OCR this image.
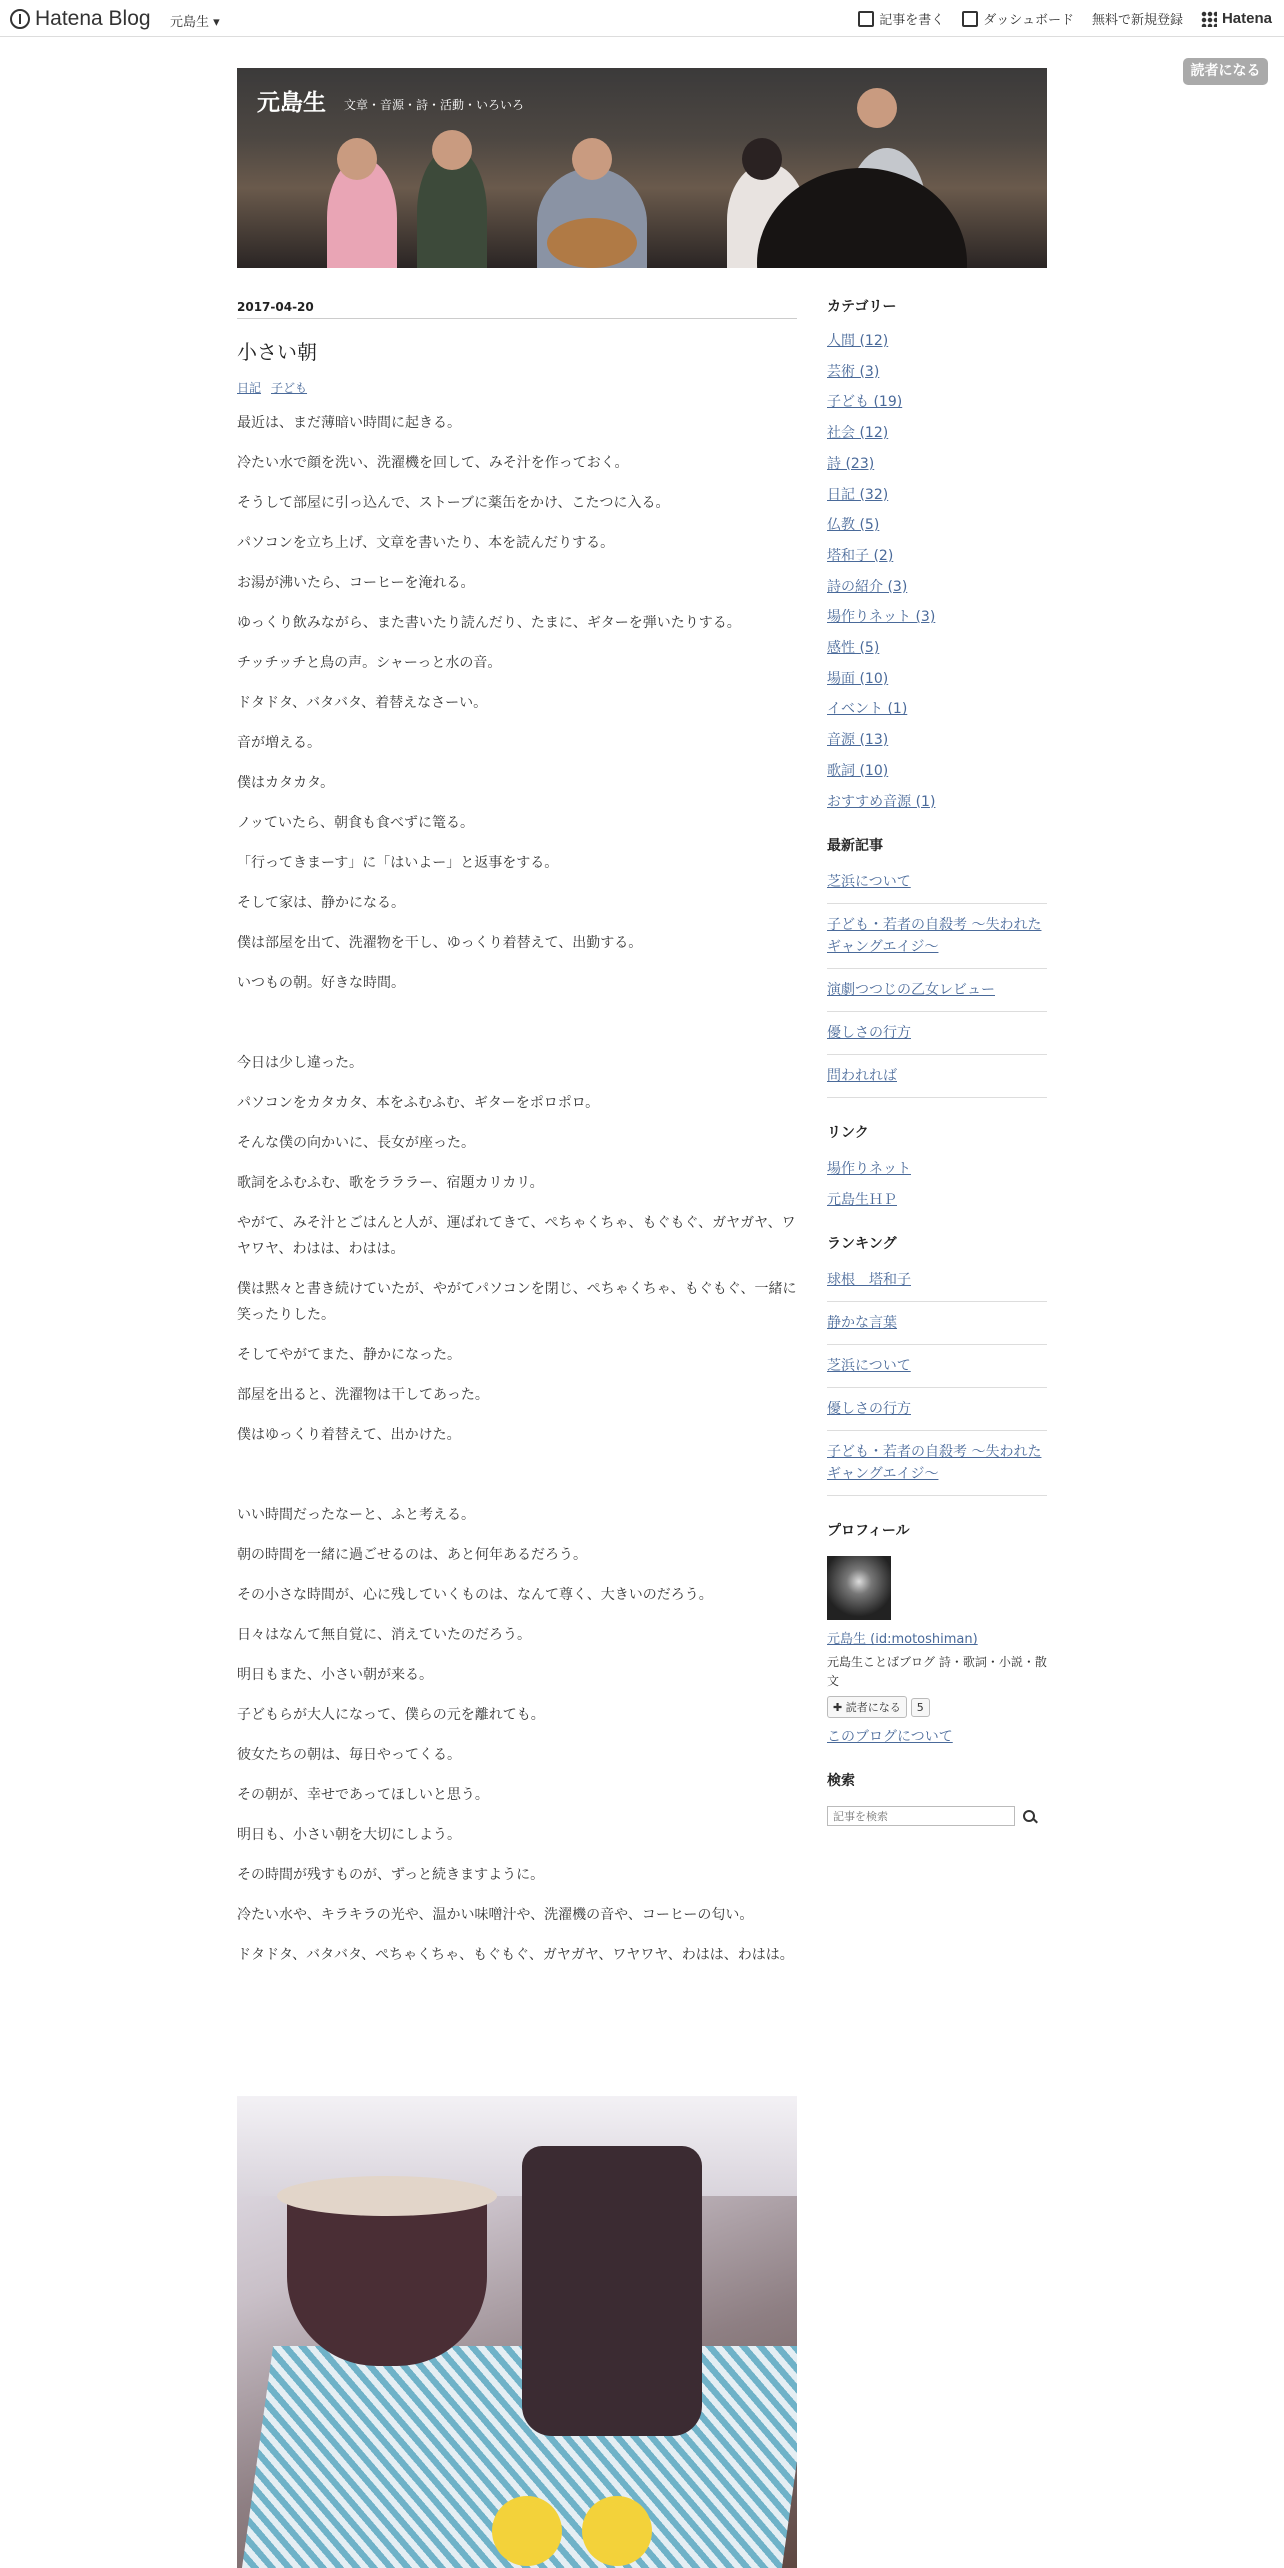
Hatena Blog 元島生 ▾	記事を書く	ダッシュボード 無料で新規登録	Hatena
読者になる
元島生 文章・音源・詩・活動・いろいろ
2017-04-20
小さい朝
日記 子ども

最近は、まだ薄暗い時間に起きる。

冷たい水で顔を洗い、洗濯機を回して、みそ汁を作っておく。

そうして部屋に引っ込んで、ストーブに薬缶をかけ、こたつに入る。

パソコンを立ち上げ、文章を書いたり、本を読んだりする。

お湯が沸いたら、コーヒーを淹れる。

ゆっくり飲みながら、また書いたり読んだり、たまに、ギターを弾いたりする。

チッチッチと鳥の声。シャーっと水の音。

ドタドタ、バタバタ、着替えなさーい。

音が増える。

僕はカタカタ。

ノッていたら、朝食も食べずに篭る。

「行ってきまーす」に「はいよー」と返事をする。

そして家は、静かになる。

僕は部屋を出て、洗濯物を干し、ゆっくり着替えて、出勤する。

いつもの朝。好きな時間。

今日は少し違った。

パソコンをカタカタ、本をふむふむ、ギターをポロポロ。

そんな僕の向かいに、長女が座った。

歌詞をふむふむ、歌をラララー、宿題カリカリ。

やがて、みそ汁とごはんと人が、運ばれてきて、ぺちゃくちゃ、もぐもぐ、ガヤガヤ、ワヤワヤ、わはは、わはは。

僕は黙々と書き続けていたが、やがてパソコンを閉じ、ぺちゃくちゃ、もぐもぐ、一緒に笑ったりした。

そしてやがてまた、静かになった。

部屋を出ると、洗濯物は干してあった。

僕はゆっくり着替えて、出かけた。

いい時間だったなーと、ふと考える。

朝の時間を一緒に過ごせるのは、あと何年あるだろう。

その小さな時間が、心に残していくものは、なんて尊く、大きいのだろう。

日々はなんて無自覚に、消えていたのだろう。

明日もまた、小さい朝が来る。

子どもらが大人になって、僕らの元を離れても。

彼女たちの朝は、毎日やってくる。

その朝が、幸せであってほしいと思う。

明日も、小さい朝を大切にしよう。

その時間が残すものが、ずっと続きますように。

冷たい水や、キラキラの光や、温かい味噌汁や、洗濯機の音や、コーヒーの匂い。

ドタドタ、バタバタ、ぺちゃくちゃ、もぐもぐ、ガヤガヤ、ワヤワヤ、わはは、わはは。

カテゴリー
人間 (12)
芸術 (3)
子ども (19)
社会 (12)
詩 (23)
日記 (32)
仏教 (5)
塔和子 (2)
詩の紹介 (3)
場作りネット (3)
感性 (5)
場面 (10)
イベント (1)
音源 (13)
歌詞 (10)
おすすめ音源 (1)
最新記事
芝浜について
子ども・若者の自殺考 ～失われたギャングエイジ～
演劇つつじの乙女レビュー
優しさの行方
問われれば
リンク
場作りネット
元島生ＨＰ
ランキング
球根　塔和子
静かな言葉
芝浜について
優しさの行方
子ども・若者の自殺考 ～失われたギャングエイジ～
プロフィール
元島生 (id:motoshiman)
元島生ことばブログ 詩・歌詞・小説・散文
✚ 読者になる	5
このブログについて
検索
記事を検索
